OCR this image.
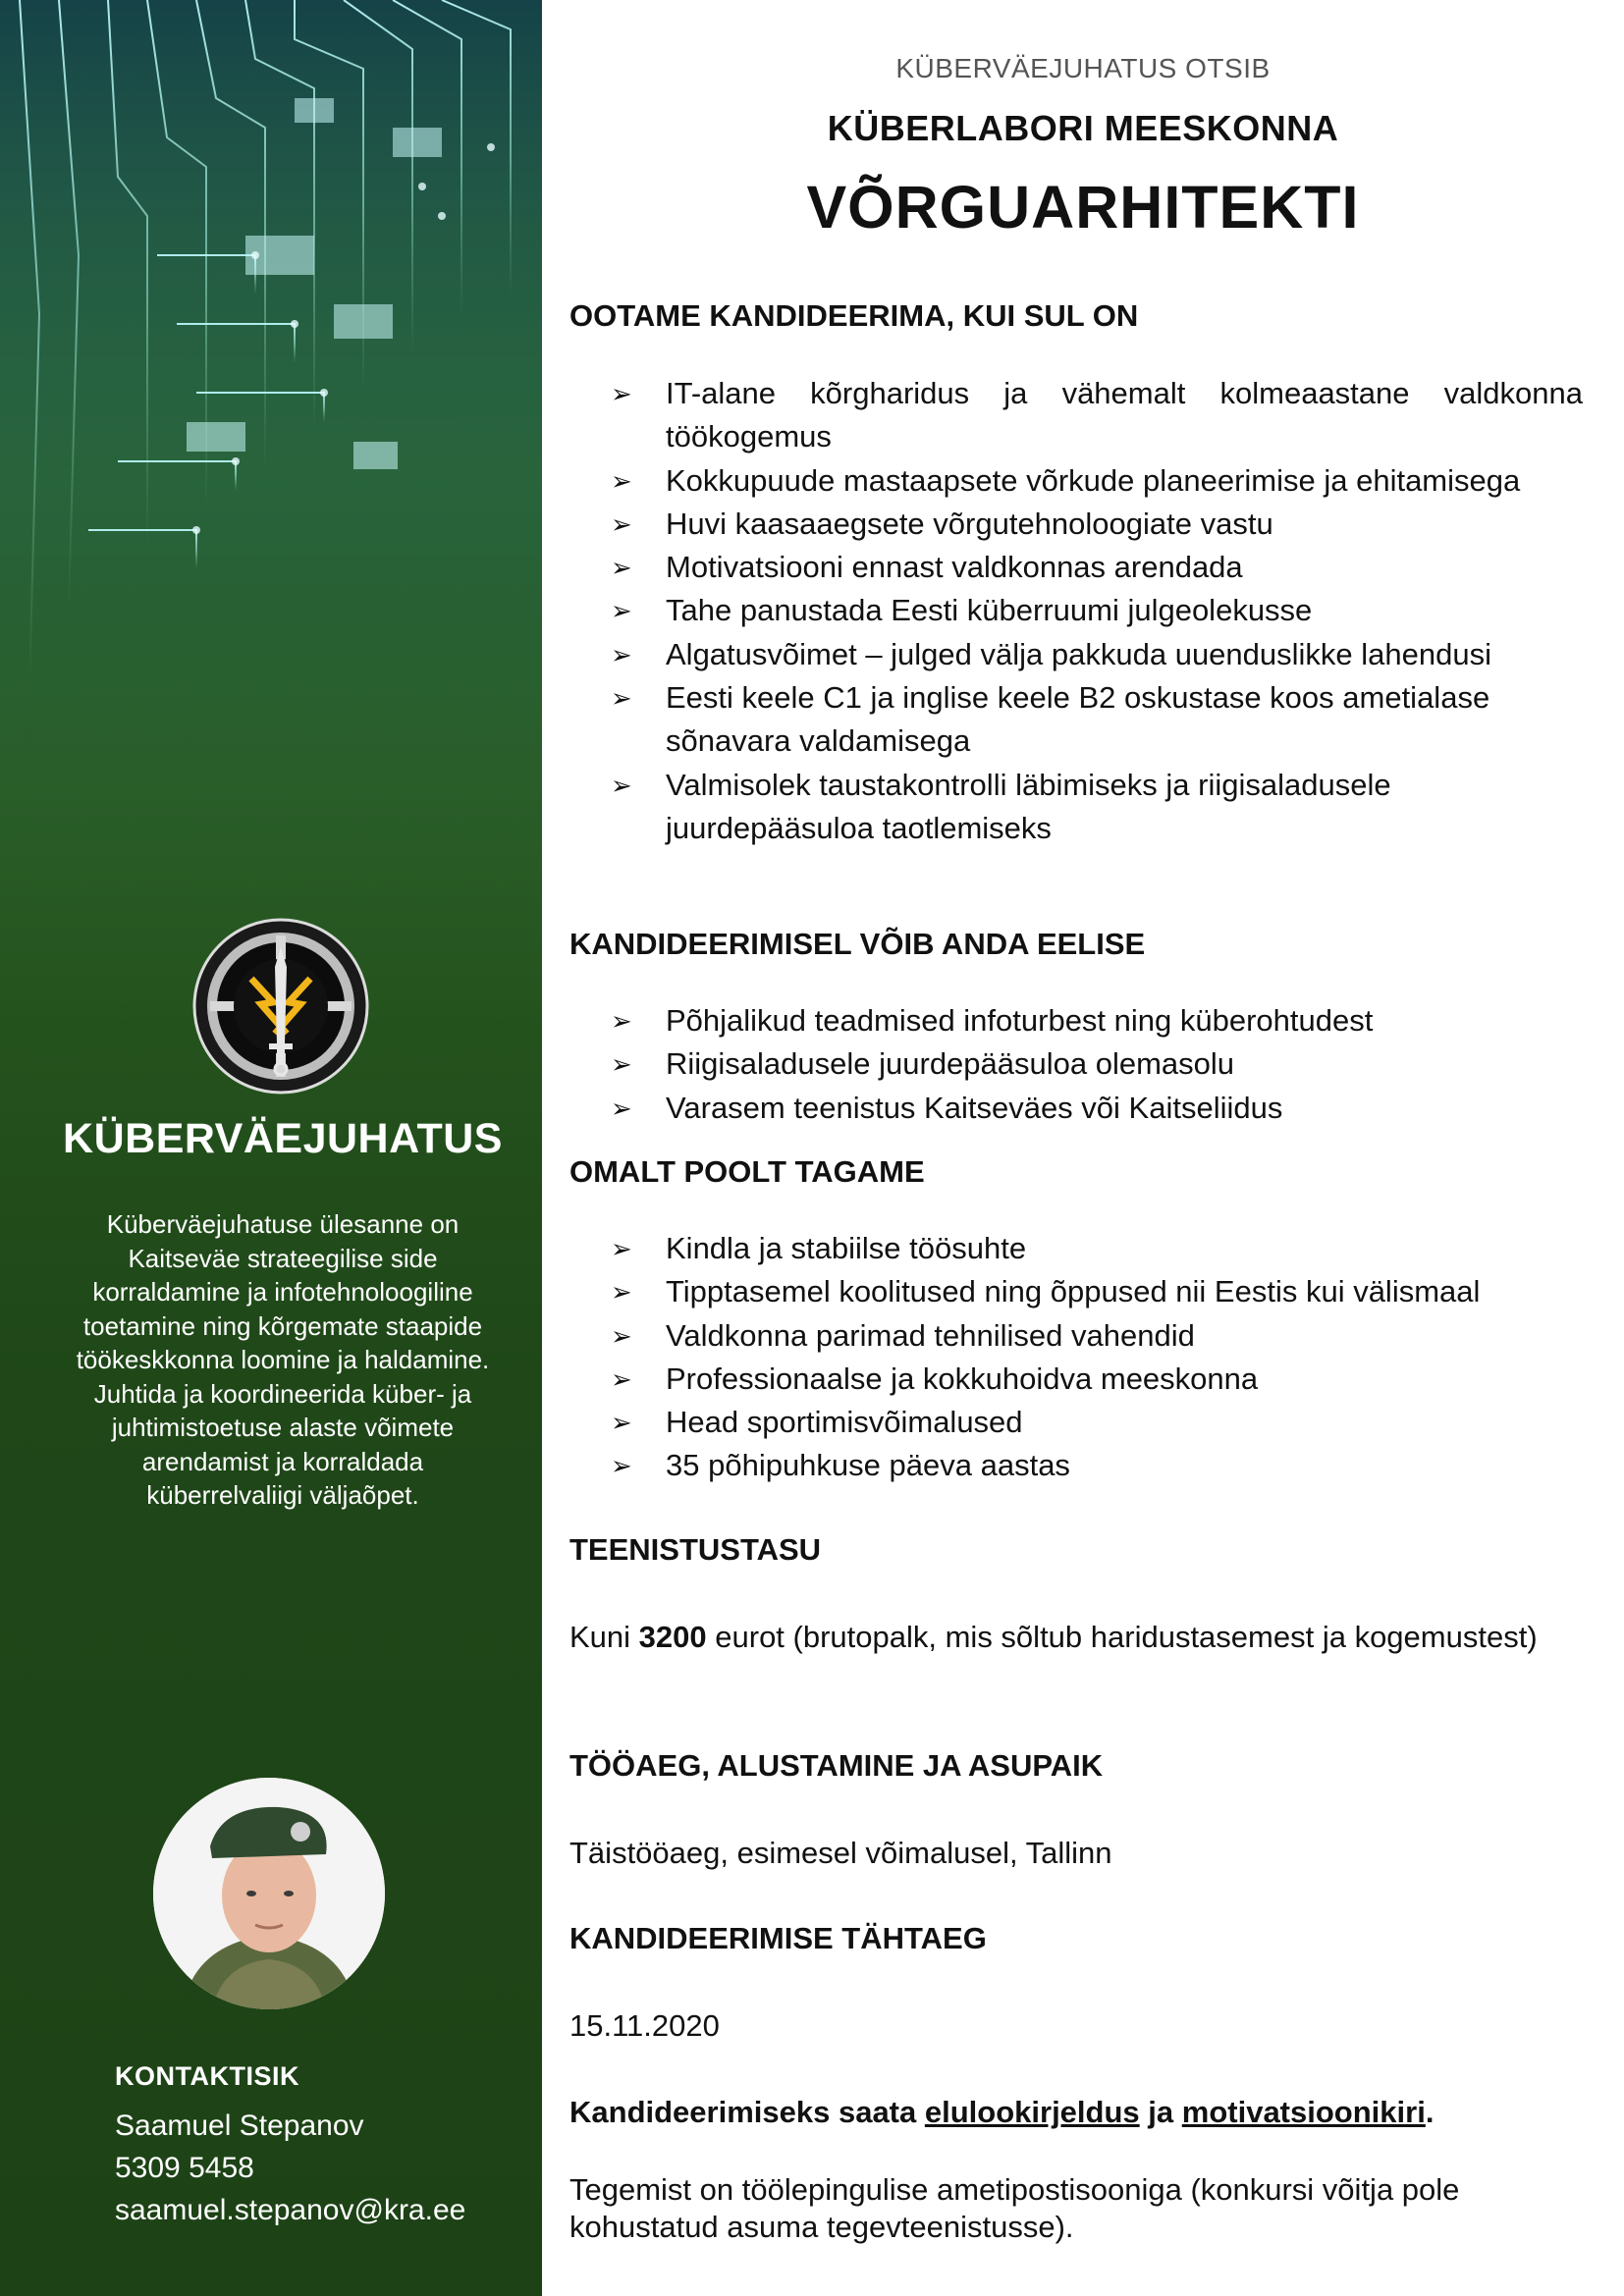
KÜBERVÄEJUHATUS
Küberväejuhatuse ülesanne on Kaitseväe strateegilise side korraldamine ja infotehnoloogiline toetamine ning kõrgemate staapide töökeskkonna loomine ja haldamine. Juhtida ja koordineerida küber- ja juhtimistoetuse alaste võimete arendamist ja korraldada küberrelvaliigi väljaõpet.
KONTAKTISIK
Saamuel Stepanov
5309 5458
saamuel.stepanov@kra.ee
KÜBERVÄEJUHATUS OTSIB
KÜBERLABORI MEESKONNA
VÕRGUARHITEKTI
OOTAME KANDIDEERIMA, KUI SUL ON
➢ IT-alane kõrgharidus ja vähemalt kolmeaastane valdkonna töökogemus
➢ Kokkupuude mastaapsete võrkude planeerimise ja ehitamisega
➢ Huvi kaasaaegsete võrgutehnoloogiate vastu
➢ Motivatsiooni ennast valdkonnas arendada
➢ Tahe panustada Eesti küberruumi julgeolekusse
➢ Algatusvõimet – julged välja pakkuda uuenduslikke lahendusi
➢ Eesti keele C1 ja inglise keele B2 oskustase koos ametialase sõnavara valdamisega
➢ Valmisolek taustakontrolli läbimiseks ja riigisaladusele juurdepääsuloa taotlemiseks
KANDIDEERIMISEL VÕIB ANDA EELISE
➢ Põhjalikud teadmised infoturbest ning küberohtudest
➢ Riigisaladusele juurdepääsuloa olemasolu
➢ Varasem teenistus Kaitseväes või Kaitseliidus
OMALT POOLT TAGAME
➢ Kindla ja stabiilse töösuhte
➢ Tipptasemel koolitused ning õppused nii Eestis kui välismaal
➢ Valdkonna parimad tehnilised vahendid
➢ Professionaalse ja kokkuhoidva meeskonna
➢ Head sportimisvõimalused
➢ 35 põhipuhkuse päeva aastas
TEENISTUSTASU
Kuni 3200 eurot (brutopalk, mis sõltub haridustasemest ja kogemustest)
TÖÖAEG, ALUSTAMINE JA ASUPAIK
Täistööaeg, esimesel võimalusel, Tallinn
KANDIDEERIMISE TÄHTAEG
15.11.2020
Kandideerimiseks saata elulookirjeldus ja motivatsioonikiri.
Tegemist on töölepingulise ametipostisooniga (konkursi võitja pole kohustatud asuma tegevteenistusse).
